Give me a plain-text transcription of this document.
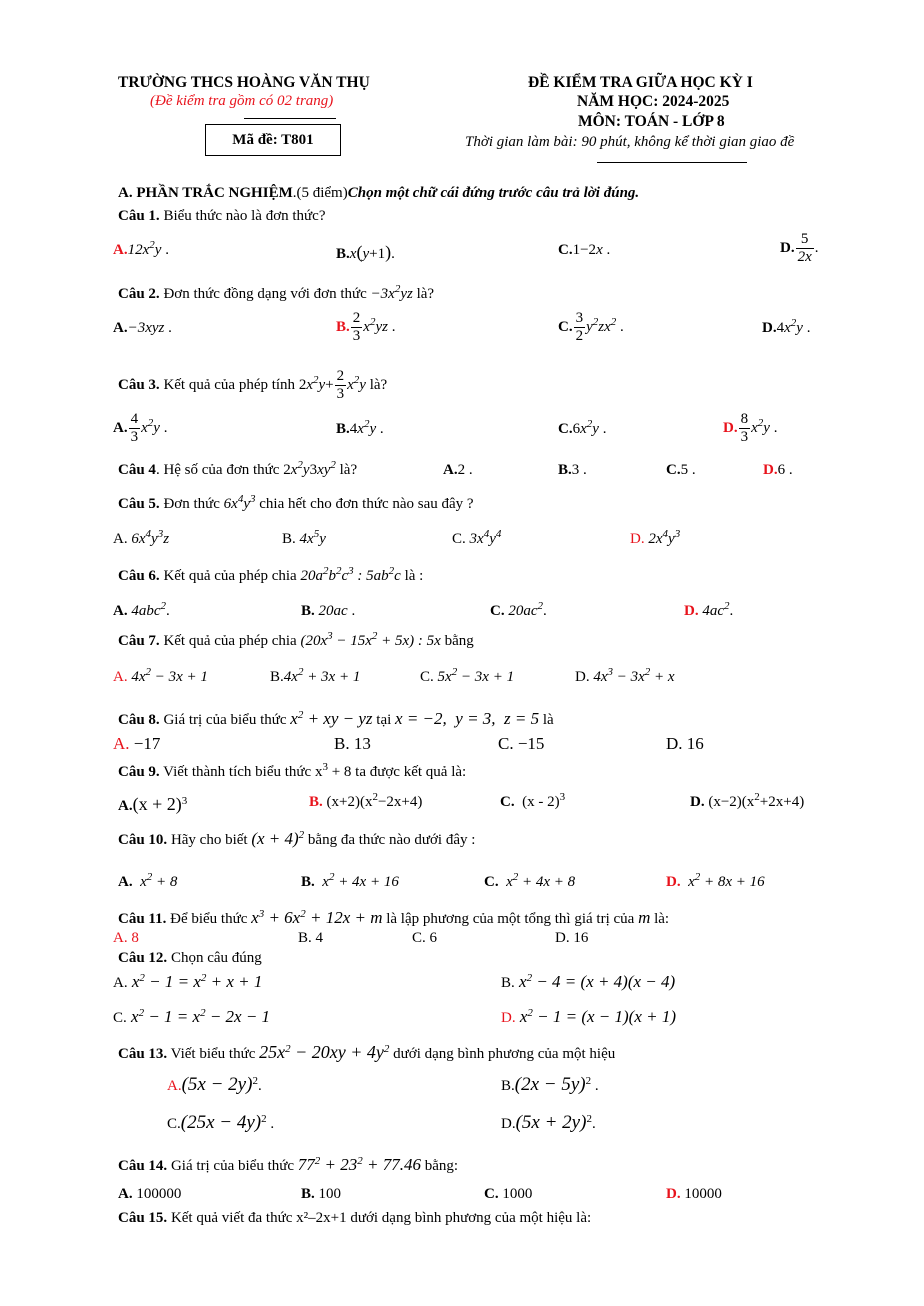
TRƯỜNG THCS HOÀNG VĂN THỤ
(Đề kiểm tra gồm có 02 trang)
Mã đề: T801
ĐỀ KIỂM TRA GIỮA HỌC KỲ I
NĂM HỌC: 2024-2025
MÔN: TOÁN - LỚP 8
Thời gian làm bài: 90 phút, không kể thời gian giao đề
A. PHẦN TRẮC NGHIỆM.(5 điểm)Chọn một chữ cái đứng trước câu trả lời đúng.
Câu 1. Biểu thức nào là đơn thức?
$A.12x^2y$ .	B.x(y+1).	C.1−2x .	D. $\frac{5}{2x}$ .
Câu 2. Đơn thức đồng dạng với đơn thức $-3x^2yz$ là?
A.−3xyz .	B. $\frac{2}{3} x^2yz$ .	C. $\frac{3}{2} y^2zx^2$ .	$D.4x^2y$ .
Câu 3. Kết quả của phép tính $2x^2y+ \frac{2}{3} x^2y$ là?
A. $\frac{4}{3} x^2y$ .	$B.4x^2y$ .	$C.6x^2y$ .	D. $\frac{8}{3} x^2y$ .
Câu 4. Hệ số của đơn thức $2x^2y3xy^2$ là?	A.2 .	B.3 .	C.5 .	D.6 .
Câu 5. Đơn thức $6x^4y^3$ chia hết cho đơn thức nào sau đây ?
A. $6x^4y^3z$	B. $4x^5y$	C. $3x^4y^4$	D. $2x^4y^3$
Câu 6. Kết quả của phép chia $20a^2b^2c^3$ : $5ab^2c$ là :
A. 4abc$^2$.	B. 20ac .	C. $20ac^2$.	D. $4ac^2$.
Câu 7. Kết quả của phép chia $(20x^3 - 15x^2 + 5x)$ : 5x bằng
A. $4x^2 - 3x + 1$	$B.4x^2 + 3x + 1$	C. $5x^2 - 3x + 1$	D. $4x^3 - 3x^2 + x$
Câu 8. Giá trị của biểu thức $x^2$ + xy − yz tại x = −2,  y = 3,  z = 5 là
A. −17	B. 13	C. −15	D. 16
Câu 9. Viết thành tích biểu thức $x^3 + 8$ ta được kết quả là:
$A.(x + 2)^3$	B. $(x+2)(x^2-2x+4)$	C.  (x - 2)$^3$	D. $(x-2)(x^2+2x+4)$
Câu 10. Hãy cho biết $(x + 4)^2$ bằng đa thức nào dưới đây :
A. $x^2 + 8$	B. $x^2 + 4x + 16$	C. $x^2 + 4x + 8$	D. $x^2 + 8x + 16$
Câu 11. Để biểu thức $x^3 + 6x^2 + 12x + m$ là lập phương của một tổng thì giá trị của m là:
A. 8	B. 4	C. 6	D. 16
Câu 12. Chọn câu đúng
A. $x^2 - 1 = x^2 + x + 1$	B. $x^2 - 4 = (x + 4)(x - 4)$
C. $x^2 - 1 = x^2 - 2x - 1$	D. $x^2 - 1 = (x - 1)(x + 1)$
Câu 13. Viết biểu thức $25x^2 - 20xy + 4y^2$ dưới dạng bình phương của một hiệu
$A.(5x - 2y)^2$.	$B.(2x - 5y)^2$ .
$C.(25x - 4y)^2$ .	$D.(5x + 2y)^2$.
Câu 14. Giá trị của biểu thức $77^2 + 23^2 + 77.46$ bằng:
A. 100000	B. 100	C. 1000	D. 10000
Câu 15. Kết quả viết đa thức x²–2x+1 dưới dạng bình phương của một hiệu là:
